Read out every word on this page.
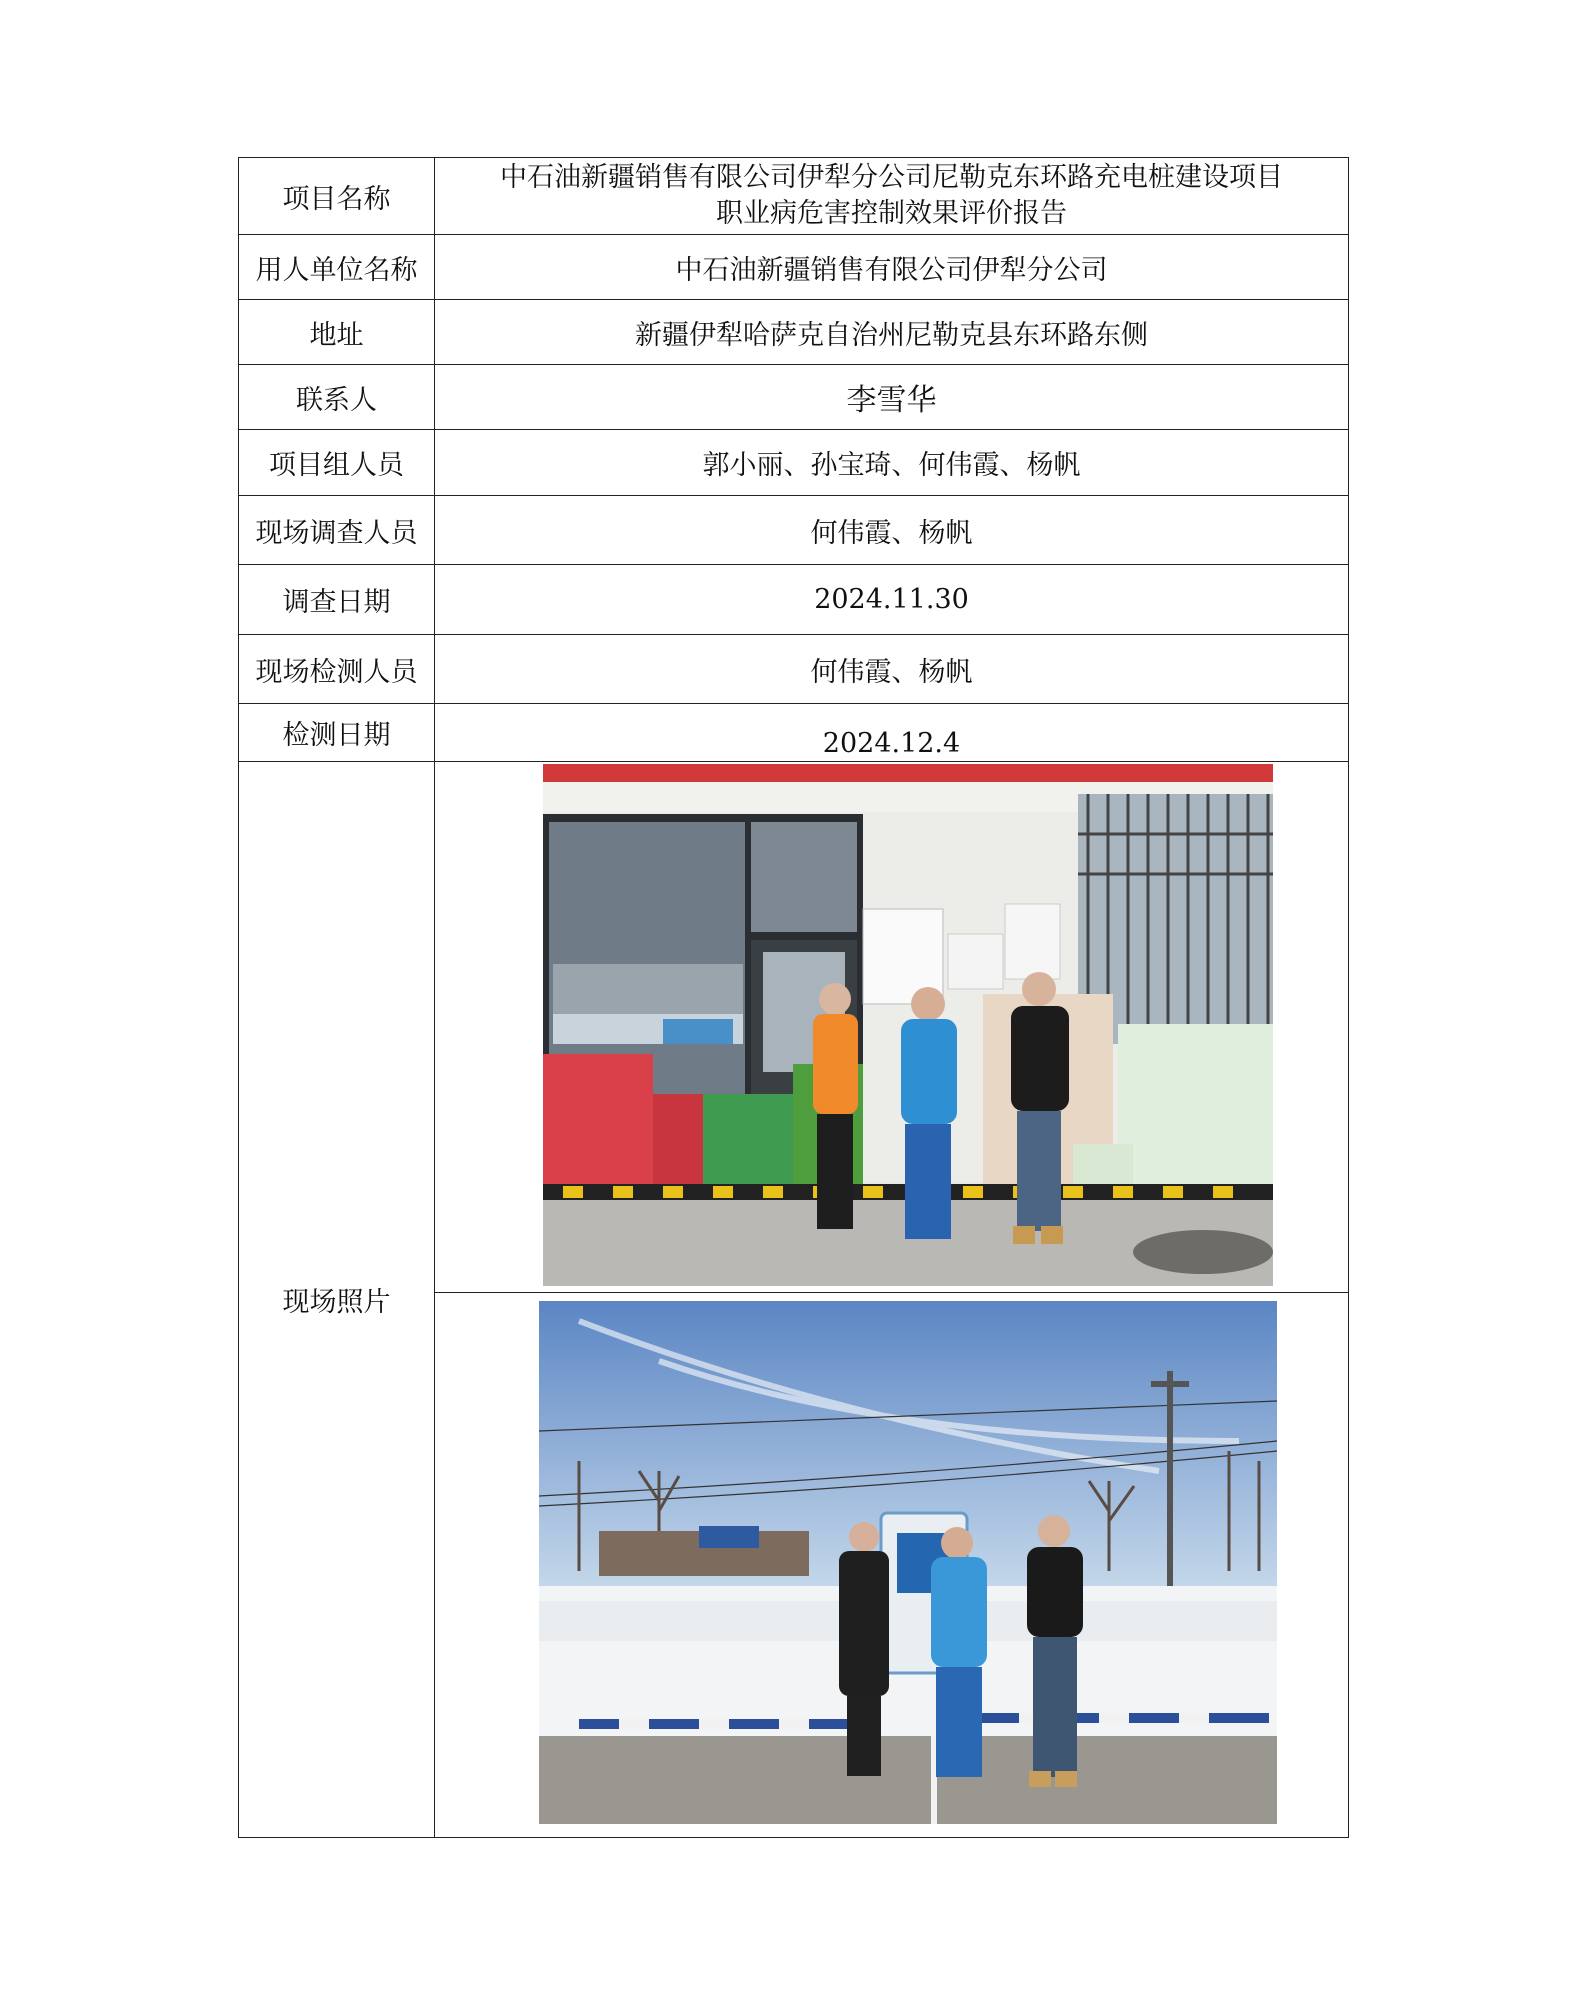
项目名称	中石油新疆销售有限公司伊犁分公司尼勒克东环路充电桩建设项目
职业病危害控制效果评价报告

用人单位名称	中石油新疆销售有限公司伊犁分公司
地址	新疆伊犁哈萨克自治州尼勒克县东环路东侧
联系人	李雪华
项目组人员	郭小丽、孙宝琦、何伟霞、杨帆
现场调查人员	何伟霞、杨帆
调查日期	2024.11.30
现场检测人员	何伟霞、杨帆
检测日期	2024.12.4
现场照片	
